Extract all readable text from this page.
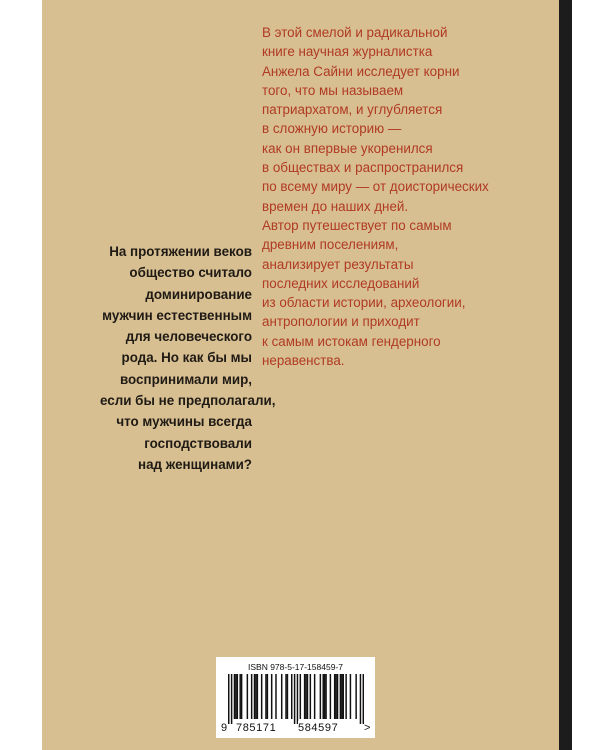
В этой смелой и радикальной
книге научная журналистка
Анжела Сайни исследует корни
того, что мы называем
патриархатом, и углубляется
в сложную историю —
как он впервые укоренился
в обществах и распространился
по всему миру — от доисторических
времен до наших дней.
Автор путешествует по самым
древним поселениям,
анализирует результаты
последних исследований
из области истории, археологии,
антропологии и приходит
к самым истокам гендерного
неравенства.

На протяжении веков
общество считало
доминирование
мужчин естественным
для человеческого
рода. Но как бы мы
воспринимали мир,
если бы не предполагали,
что мужчины всегда
господствовали
над женщинами?

ISBN 978-5-17-158459-7
9 785171 584597 >
